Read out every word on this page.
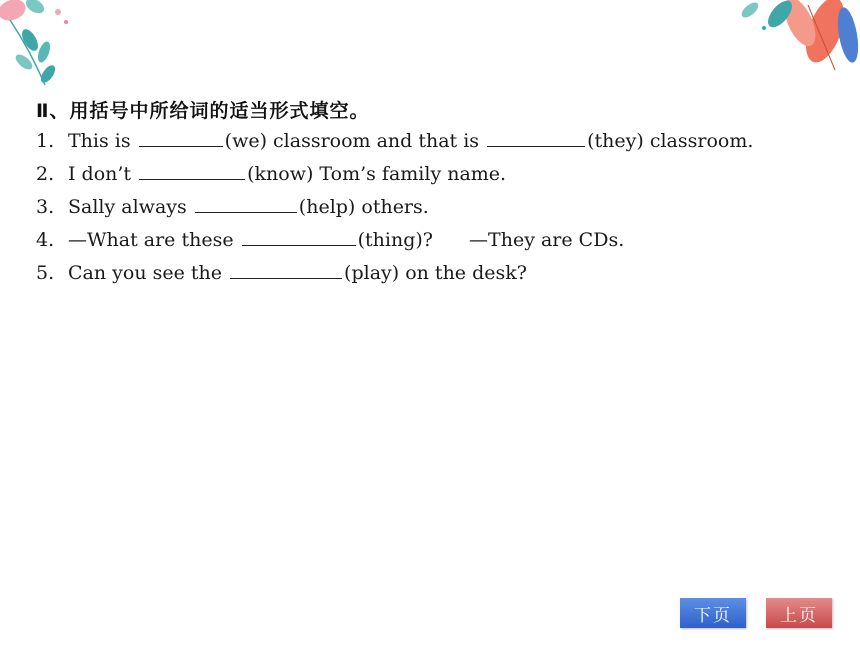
Ⅱ、用括号中所给词的适当形式填空。
1. This is	(we) classroom and that is	(they) classroom.
2. I don’t	(know) Tom’s family name.
3. Sally always	(help) others.
4. —What are these	(thing)? —They are CDs.
5. Can you see the	(play) on the desk?
下页	上页
